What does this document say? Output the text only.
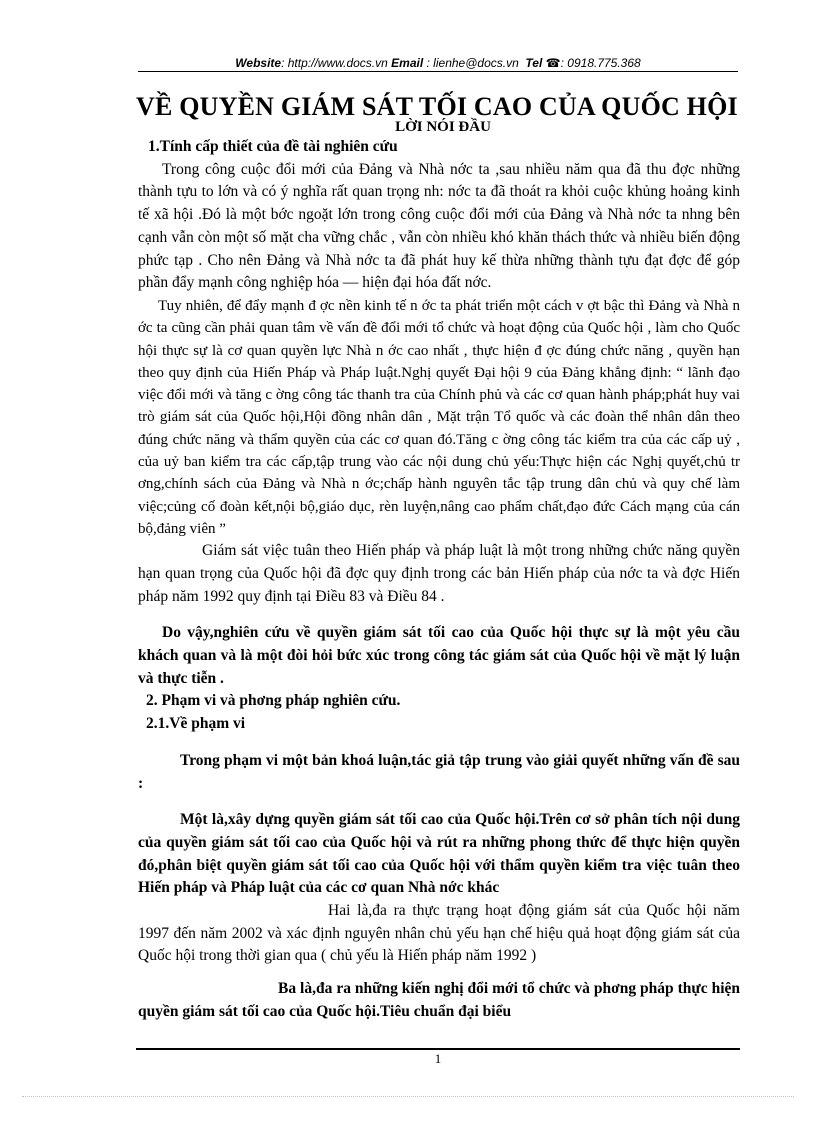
Website: http://www.docs.vn Email : lienhe@docs.vn Tel ☎: 0918.775.368
VỀ QUYỀN GIÁM SÁT TỐI CAO CỦA QUỐC HỘI
LỜI NÓI ĐẦU

1.Tính cấp thiết của đề tài nghiên cứu

Trong công cuộc đổi mới của Đảng và Nhà nớc ta ,sau nhiều năm qua đã thu đợc những thành tựu to lớn và có ý nghĩa rất quan trọng nh: nớc ta đã thoát ra khỏi cuộc khủng hoảng kinh tế xã hội .Đó là một bớc ngoặt lớn trong công cuộc đổi mới của Đảng và Nhà nớc ta nhng bên cạnh vẫn còn một số mặt cha vững chắc , vẫn còn nhiều khó khăn thách thức và nhiều biến động phức tạp . Cho nên Đảng và Nhà nớc ta đã phát huy kế thừa những thành tựu đạt đợc để góp phần đẩy mạnh công nghiệp hóa — hiện đại hóa đất nớc.

Tuy nhiên, để đẩy mạnh đ ợc nền kinh tế n ớc ta phát triển một cách v ợt bậc thì Đảng và Nhà n ớc ta cũng cần phải quan tâm về vấn đề đổi mới tổ chức và hoạt động của Quốc hội , làm cho Quốc hội thực sự là cơ quan quyền lực Nhà n ớc cao nhất , thực hiện đ ợc đúng chức năng , quyền hạn theo quy định của Hiến Pháp và Pháp luật.Nghị quyết Đại hội 9 của Đảng khẳng định: “ lãnh đạo việc đổi mới và tăng c ờng công tác thanh tra của Chính phủ và các cơ quan hành pháp;phát huy vai trò giám sát của Quốc hội,Hội đồng nhân dân , Mặt trận Tổ quốc và các đoàn thể nhân dân theo đúng chức năng và thẩm quyền của các cơ quan đó.Tăng c ờng công tác kiểm tra của các cấp uỷ , của uỷ ban kiểm tra các cấp,tập trung vào các nội dung chủ yếu:Thực hiện các Nghị quyết,chủ tr ơng,chính sách của Đảng và Nhà n ớc;chấp hành nguyên tắc tập trung dân chủ và quy chế làm việc;củng cố đoàn kết,nội bộ,giáo dục, rèn luyện,nâng cao phẩm chất,đạo đức Cách mạng của cán bộ,đảng viên ”

Giám sát việc tuân theo Hiến pháp và pháp luật là một trong những chức năng quyền hạn quan trọng của Quốc hội đã đợc quy định trong các bản Hiến pháp của nớc ta và đợc Hiến pháp năm 1992 quy định tại Điều 83 và Điều 84 .

Do vậy,nghiên cứu về quyền giám sát tối cao của Quốc hội thực sự là một yêu cầu khách quan và là một đòi hỏi bức xúc trong công tác giám sát của Quốc hội về mặt lý luận và thực tiễn .

2. Phạm vi và phơng pháp nghiên cứu.

2.1.Về phạm vi

Trong phạm vi một bản khoá luận,tác giả tập trung vào giải quyết những vấn đề sau :

Một là,xây dựng quyền giám sát tối cao của Quốc hội.Trên cơ sở phân tích nội dung của quyền giám sát tối cao của Quốc hội và rút ra những phong thức để thực hiện quyền đó,phân biệt quyền giám sát tối cao của Quốc hội với thẩm quyền kiểm tra việc tuân theo Hiến pháp và Pháp luật của các cơ quan Nhà nớc khác

Hai là,đa ra thực trạng hoạt động giám sát của Quốc hội năm 1997 đến năm 2002 và xác định nguyên nhân chủ yếu hạn chế hiệu quả hoạt động giám sát của Quốc hội trong thời gian qua ( chủ yếu là Hiến pháp năm 1992 )

Ba là,đa ra những kiến nghị đổi mới tổ chức và phơng pháp thực hiện quyền giám sát tối cao của Quốc hội.Tiêu chuẩn đại biểu

1
